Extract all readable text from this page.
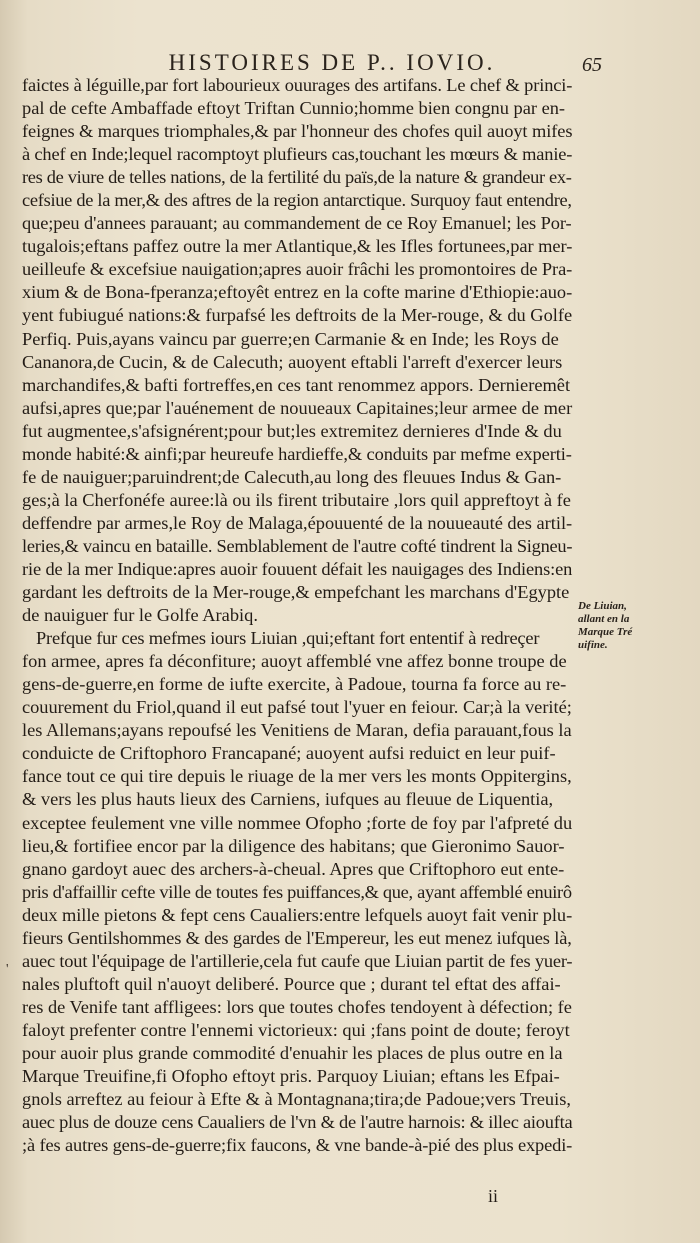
HISTOIRES DE P.. IOVIO.	65
faictes à léguille,par fort labourieux ouurages des artifans. Le chef & princi-
pal de cefte Ambaffade eftoyt Triftan Cunnio;homme bien congnu par en-
feignes & marques triomphales,& par l'honneur des chofes quil auoyt mifes
à chef en Inde;lequel racomptoyt plufieurs cas,touchant les mœurs & manie-
res de viure de telles nations, de la fertilité du païs,de la nature & grandeur ex-
cefsiue de la mer,& des aftres de la region antarctique. Surquoy faut entendre,
que;peu d'annees parauant; au commandement de ce Roy Emanuel; les Por-
tugalois;eftans paffez outre la mer Atlantique,& les Ifles fortunees,par mer-
ueilleufe & excefsiue nauigation;apres auoir frâchi les promontoires de Pra-
xium & de Bona-fperanza;eftoyêt entrez en la cofte marine d'Ethiopie:auo-
yent fubiugué nations:& furpafsé les deftroits de la Mer-rouge, & du Golfe
Perfiq. Puis,ayans vaincu par guerre;en Carmanie & en Inde; les Roys de
Cananora,de Cucin, & de Calecuth; auoyent eftabli l'arreft d'exercer leurs
marchandifes,& bafti fortreffes,en ces tant renommez appors. Dernieremêt
aufsi,apres que;par l'auénement de nouueaux Capitaines;leur armee de mer
fut augmentee,s'afsignérent;pour but;les extremitez dernieres d'Inde & du
monde habité:& ainfi;par heureufe hardieffe,& conduits par mefme experti-
fe de nauiguer;paruindrent;de Calecuth,au long des fleuues Indus & Gan-
ges;à la Cherfonéfe auree:là ou ils firent tributaire ,lors quil appreftoyt à fe
deffendre par armes,le Roy de Malaga,épouuenté de la nouueauté des artil-
leries,& vaincu en bataille. Semblablement de l'autre cofté tindrent la Signeu-
rie de la mer Indique:apres auoir fouuent défait les nauigages des Indiens:en
gardant les deftroits de la Mer-rouge,& empefchant les marchans d'Egypte
de nauiguer fur le Golfe Arabiq.
Prefque fur ces mefmes iours Liuian ,qui;eftant fort ententif à redreçer
fon armee, apres fa déconfiture; auoyt affemblé vne affez bonne troupe de
gens-de-guerre,en forme de iufte exercite, à Padoue, tourna fa force au re-
couurement du Friol,quand il eut pafsé tout l'yuer en feiour. Car;à la verité;
les Allemans;ayans repoufsé les Venitiens de Maran, defia parauant,fous la
conduicte de Criftophoro Francapané; auoyent aufsi reduict en leur puif-
fance tout ce qui tire depuis le riuage de la mer vers les monts Oppitergins,
& vers les plus hauts lieux des Carniens, iufques au fleuue de Liquentia,
exceptee feulement vne ville nommee Ofopho ;forte de foy par l'afpreté du
lieu,& fortifiee encor par la diligence des habitans; que Gieronimo Sauor-
gnano gardoyt auec des archers-à-cheual. Apres que Criftophoro eut ente-
pris d'affaillir cefte ville de toutes fes puiffances,& que, ayant affemblé enuirô
deux mille pietons & fept cens Caualiers:entre lefquels auoyt fait venir plu-
fieurs Gentilshommes & des gardes de l'Empereur, les eut menez iufques là,
auec tout l'équipage de l'artillerie,cela fut caufe que Liuian partit de fes yuer-
nales pluftoft quil n'auoyt deliberé. Pource que ; durant tel eftat des affai-
res de Venife tant affligees: lors que toutes chofes tendoyent à défection; fe
faloyt prefenter contre l'ennemi victorieux: qui ;fans point de doute; feroyt
pour auoir plus grande commodité d'enuahir les places de plus outre en la
Marque Treuifine,fi Ofopho eftoyt pris. Parquoy Liuian; eftans les Efpai-
gnols arreftez au feiour à Efte & à Montagnana;tira;de Padoue;vers Treuis,
auec plus de douze cens Caualiers de l'vn & de l'autre harnois: & illec aioufta
;à fes autres gens-de-guerre;fix faucons, & vne bande-à-pié des plus expedi-
De Liuian,
allant en la
Marque Tré
uifine.
'
ii
